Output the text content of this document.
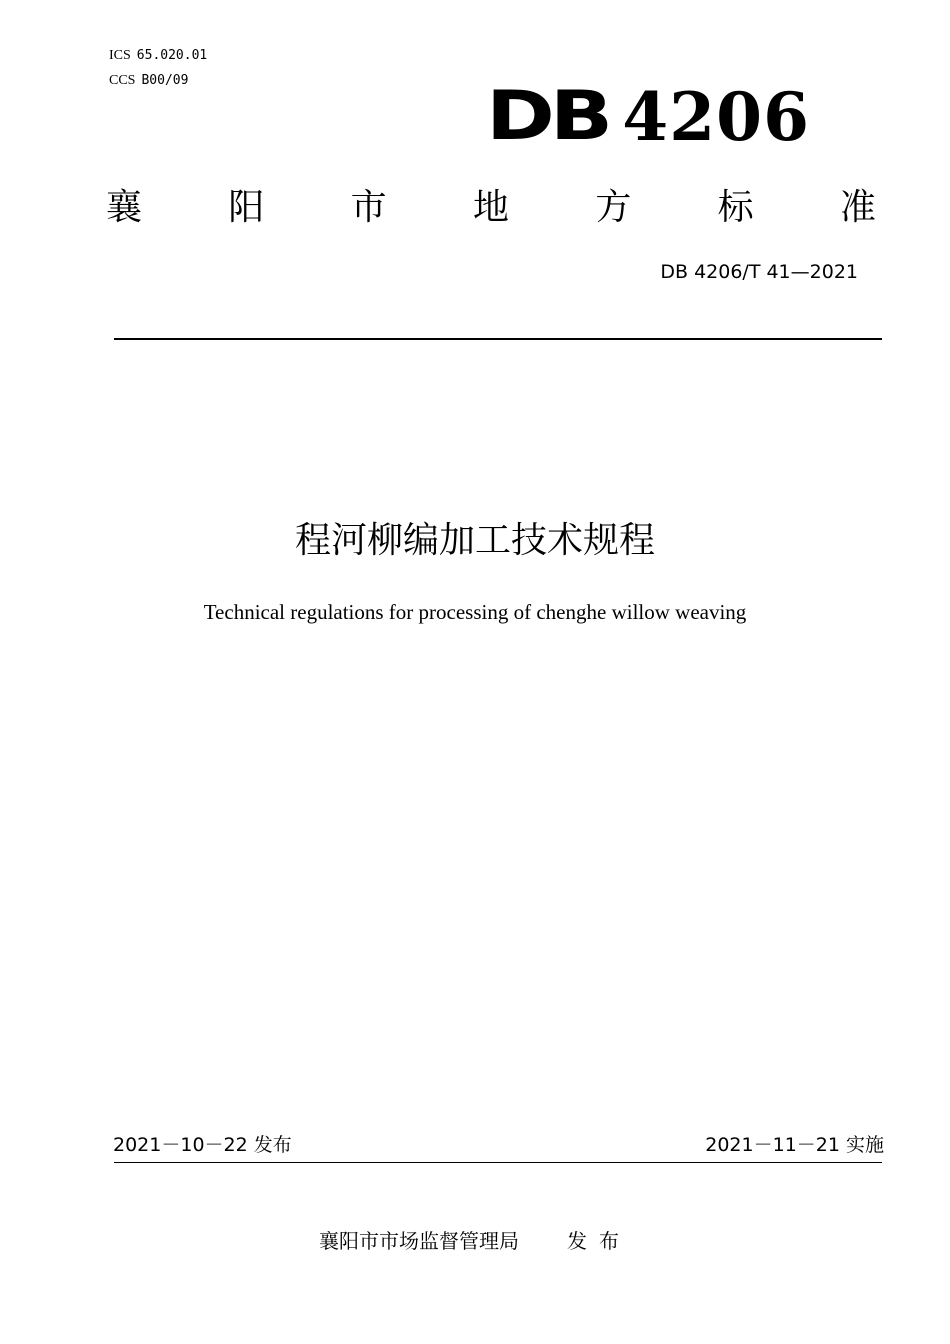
ICS 65.020.01
CCS B00/09	DB 4206
襄 阳 市 地 方 标 准
DB 4206/T 41—2021
程河柳编加工技术规程
Technical regulations for processing of chenghe willow weaving
2021－10－22 发布	2021－11－21 实施
襄阳市市场监督管理局 发布
